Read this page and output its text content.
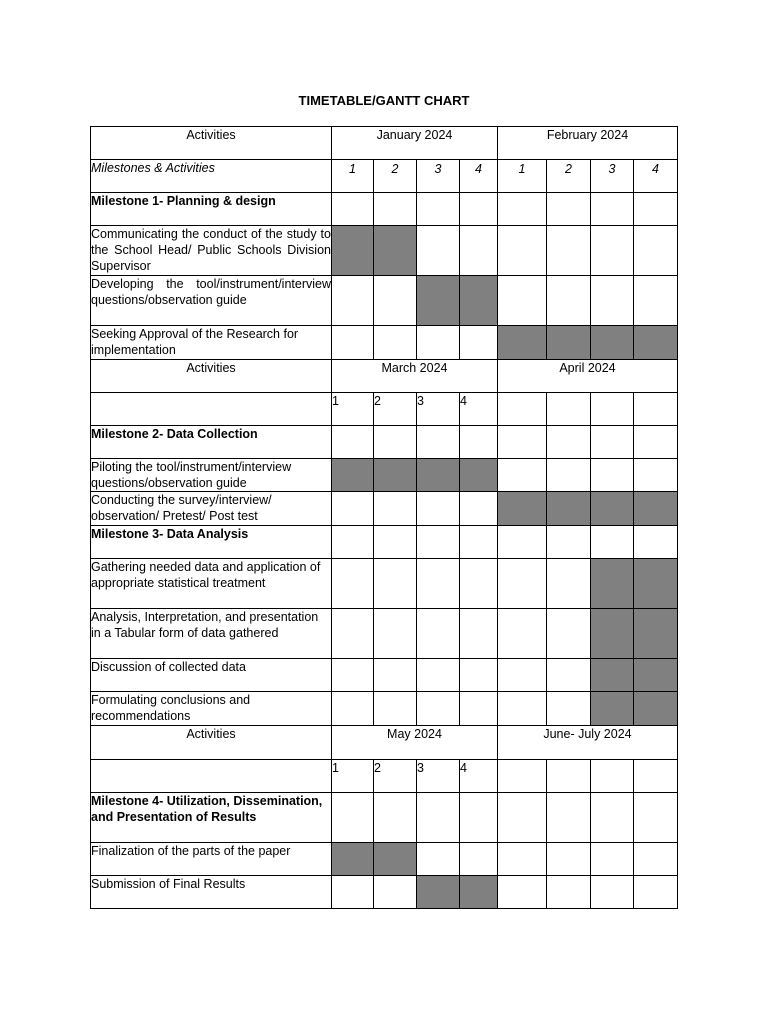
TIMETABLE/GANTT CHART
Activities	January 2024				February 2024			
Milestones & Activities	1	2	3	4	1	2	3	4
Milestone 1- Planning & design								
Communicating the conduct of the study to the School Head/ Public Schools Division Supervisor								
Developing the tool/instrument/interview questions/observation guide								
Seeking Approval of the Research for implementation								
Activities	March 2024				April 2024			
	1	2	3	4				
Milestone 2- Data Collection								
Piloting the tool/instrument/interview questions/observation guide								
Conducting the survey/interview/ observation/ Pretest/ Post test								
Milestone 3- Data Analysis								
Gathering needed data and application of appropriate statistical treatment								
Analysis, Interpretation, and presentation in a Tabular form of data gathered								
Discussion of collected data								
Formulating conclusions and recommendations								
Activities	May 2024				June- July 2024			
	1	2	3	4				
Milestone 4- Utilization, Dissemination, and Presentation of Results								
Finalization of the parts of the paper								
Submission of Final Results								
